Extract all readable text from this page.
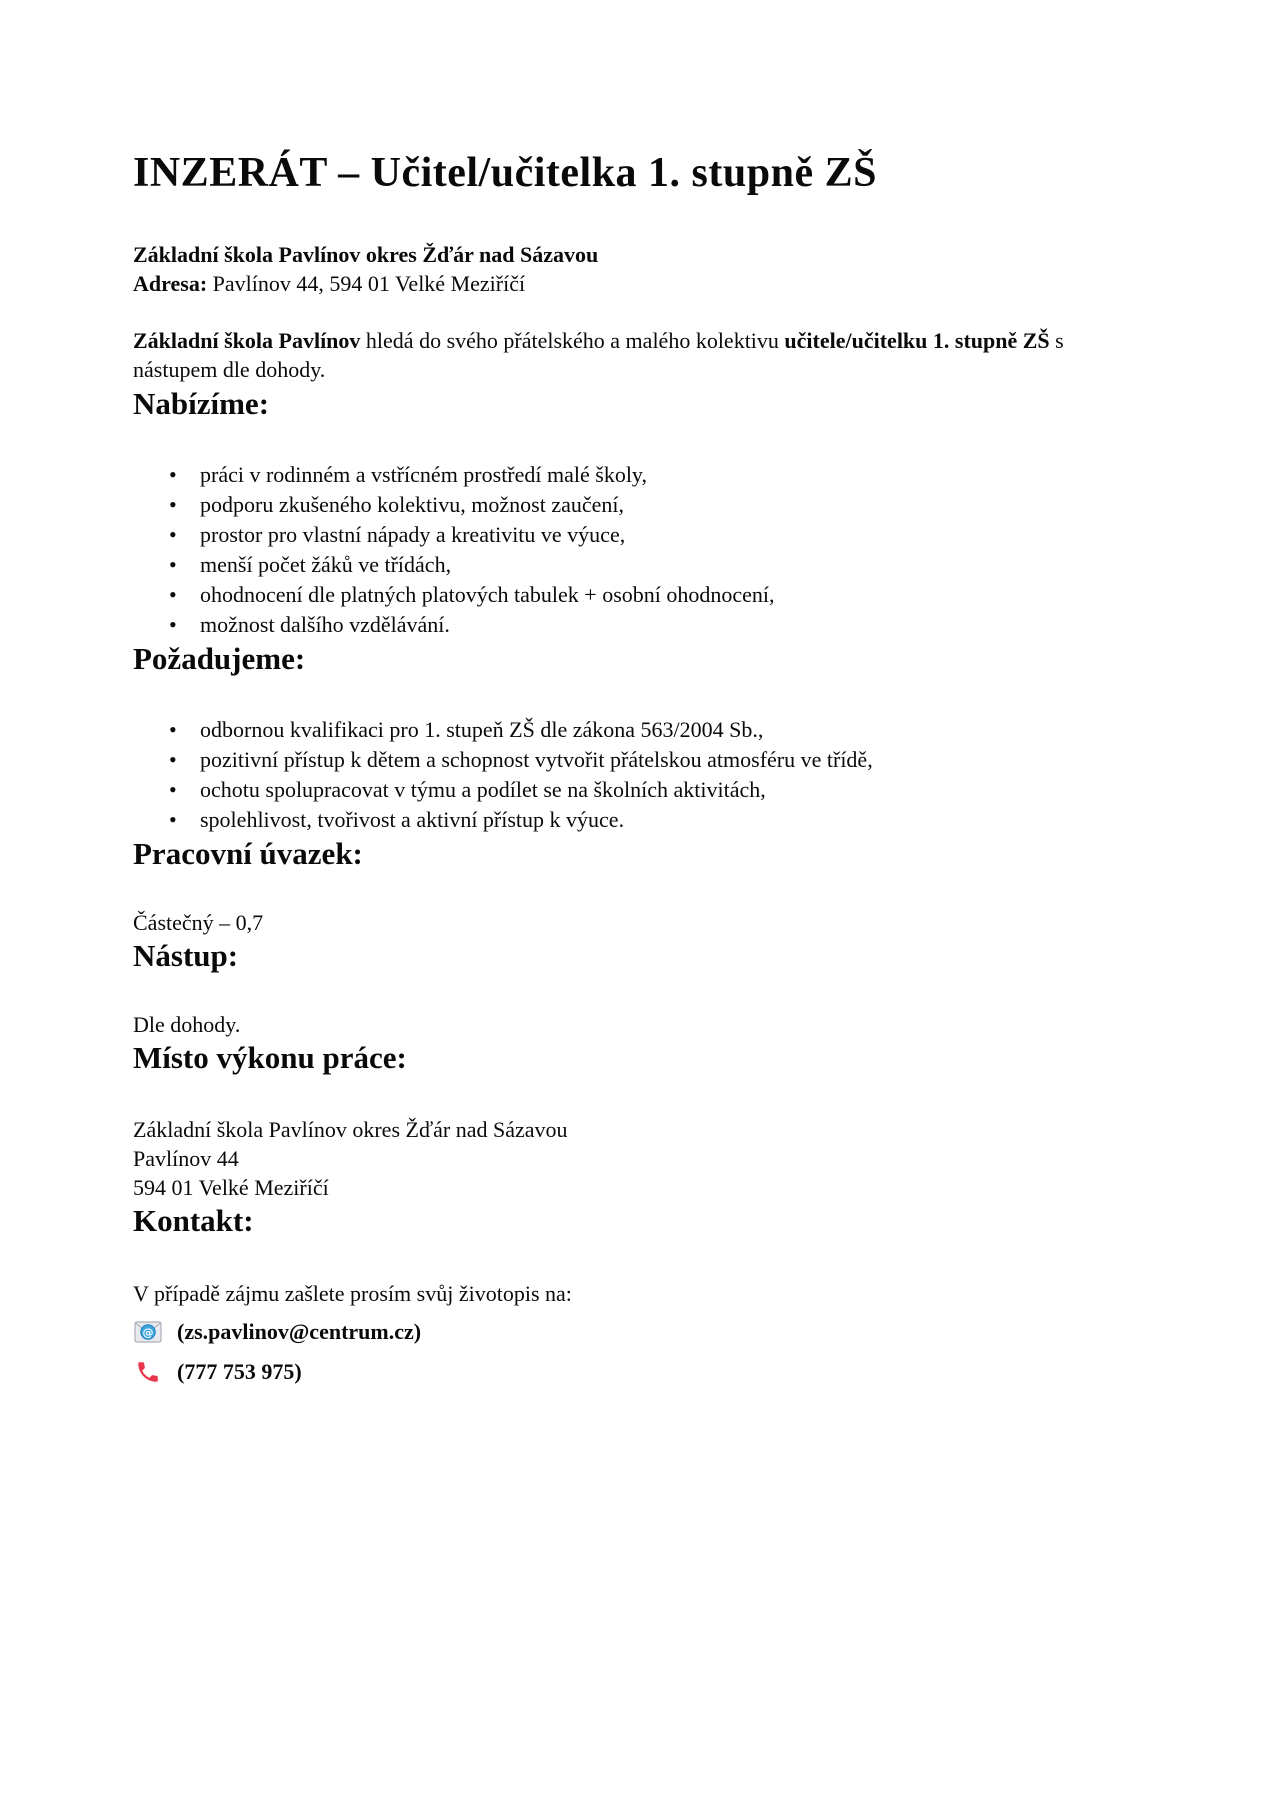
INZERÁT – Učitel/učitelka 1. stupně ZŠ

Základní škola Pavlínov okres Žďár nad Sázavou

Adresa: Pavlínov 44, 594 01 Velké Meziříčí

Základní škola Pavlínov hledá do svého přátelského a malého kolektivu učitele/učitelku 1. stupně ZŠ s nástupem dle dohody.

Nabízíme:
• práci v rodinném a vstřícném prostředí malé školy,
• podporu zkušeného kolektivu, možnost zaučení,
• prostor pro vlastní nápady a kreativitu ve výuce,
• menší počet žáků ve třídách,
• ohodnocení dle platných platových tabulek + osobní ohodnocení,
• možnost dalšího vzdělávání.
Požadujeme:
• odbornou kvalifikaci pro 1. stupeň ZŠ dle zákona 563/2004 Sb.,
• pozitivní přístup k dětem a schopnost vytvořit přátelskou atmosféru ve třídě,
• ochotu spolupracovat v týmu a podílet se na školních aktivitách,
• spolehlivost, tvořivost a aktivní přístup k výuce.
Pracovní úvazek:

Částečný – 0,7

Nástup:

Dle dohody.

Místo výkonu práce:

Základní škola Pavlínov okres Žďár nad Sázavou

Pavlínov 44

594 01 Velké Meziříčí

Kontakt:

V případě zájmu zašlete prosím svůj životopis na:

@ (zs.pavlinov@centrum.cz)
(777 753 975)
